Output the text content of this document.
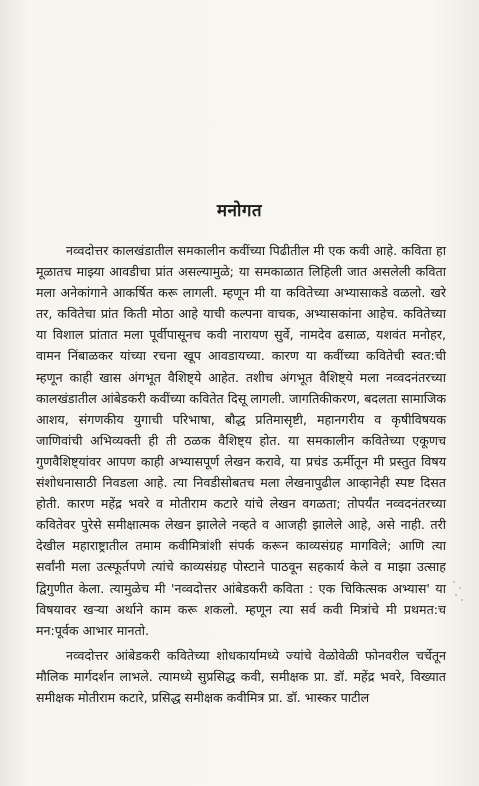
मनोगत

नव्वदोत्तर कालखंडातील समकालीन कवींच्या पिढीतील मी एक कवी आहे. कविता हा मूळातच माझ्या आवडीचा प्रांत असल्यामुळे; या समकाळात लिहिली जात असलेली कविता मला अनेकांगाने आकर्षित करू लागली. म्हणून मी या कवितेच्या अभ्यासाकडे वळलो. खरे तर, कवितेचा प्रांत किती मोठा आहे याची कल्पना वाचक, अभ्यासकांना आहेच. कवितेच्या या विशाल प्रांतात मला पूर्वीपासूनच कवी नारायण सुर्वे, नामदेव ढसाळ, यशवंत मनोहर, वामन निंबाळकर यांच्या रचना खूप आवडायच्या. कारण या कवींच्या कवितेची स्वत:ची म्हणून काही खास अंगभूत वैशिष्ट्ये आहेत. तशीच अंगभूत वैशिष्ट्ये मला नव्वदनंतरच्या कालखंडातील आंबेडकरी कवींच्या कवितेत दिसू लागली. जागतिकीकरण, बदलता सामाजिक आशय, संगणकीय युगाची परिभाषा, बौद्ध प्रतिमासृष्टी, महानगरीय व कृषीविषयक जाणिवांची अभिव्यक्ती ही ती ठळक वैशिष्ट्य होत. या समकालीन कवितेच्या एकूणच गुणवैशिष्ट्यांवर आपण काही अभ्यासपूर्ण लेखन करावे, या प्रचंड ऊर्मीतून मी प्रस्तुत विषय संशोधनासाठी निवडला आहे. त्या निवडीसोबतच मला लेखनापुढील आव्हानेही स्पष्ट दिसत होती. कारण महेंद्र भवरे व मोतीराम कटारे यांचे लेखन वगळता; तोपर्यंत नव्वदनंतरच्या कवितेवर पुरेसे समीक्षात्मक लेखन झालेले नव्हते व आजही झालेले आहे, असे नाही. तरी देखील महाराष्ट्रातील तमाम कवीमित्रांशी संपर्क करून काव्यसंग्रह मागविले; आणि त्या सर्वांनी मला उत्स्फूर्तपणे त्यांचे काव्यसंग्रह पोस्टाने पाठवून सहकार्य केले व माझा उत्साह द्विगुणीत केला. त्यामुळेच मी 'नव्वदोत्तर आंबेडकरी कविता : एक चिकित्सक अभ्यास' या विषयावर खऱ्या अर्थाने काम करू शकलो. म्हणून त्या सर्व कवी मित्रांचे मी प्रथमत:च मन:पूर्वक आभार मानतो.

नव्वदोत्तर आंबेडकरी कवितेच्या शोधकार्यामध्ये ज्यांचे वेळोवेळी फोनवरील चर्चेतून मौलिक मार्गदर्शन लाभले. त्यामध्ये सुप्रसिद्ध कवी, समीक्षक प्रा. डॉ. महेंद्र भवरे, विख्यात समीक्षक मोतीराम कटारे, प्रसिद्ध समीक्षक कवीमित्र प्रा. डॉ. भास्कर पाटील
